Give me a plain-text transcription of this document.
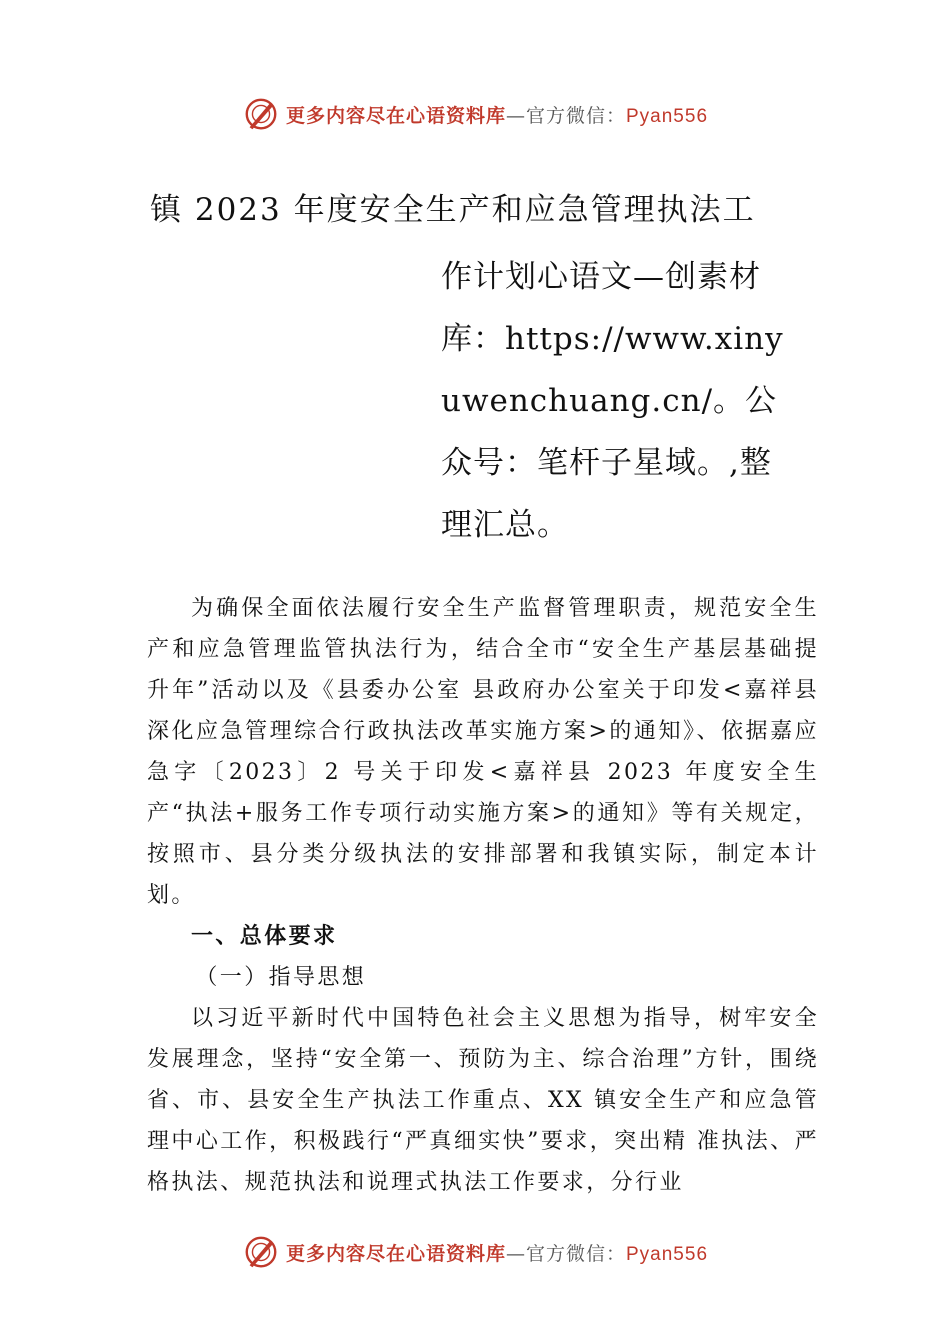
更多内容尽在心语资料库—官方微信：Pyan556
镇 2023 年度安全生产和应急管理执法工
作计划心语文—创素材库：https://www.xinyuwenchuang.cn/。公众号：笔杆子星域。,整理汇总。

为确保全面依法履行安全生产监督管理职责，规范安全生产和应急管理监管执法行为，结合全市“安全生产基层基础提升年”活动以及《县委办公室 县政府办公室关于印发<嘉祥县深化应急管理综合行政执法改革实施方案>的通知》、依据嘉应急字〔2023〕2 号关于印发<嘉祥县 2023 年度安全生产“执法+服务工作专项行动实施方案>的通知》等有关规定，按照市、县分类分级执法的安排部署和我镇实际，制定本计划。

一、总体要求
（一）指导思想

以习近平新时代中国特色社会主义思想为指导，树牢安全发展理念，坚持“安全第一、预防为主、综合治理”方针，围绕省、市、县安全生产执法工作重点、XX 镇安全生产和应急管理中心工作，积极践行“严真细实快”要求，突出精 准执法、严格执法、规范执法和说理式执法工作要求，分行业

更多内容尽在心语资料库—官方微信：Pyan556
